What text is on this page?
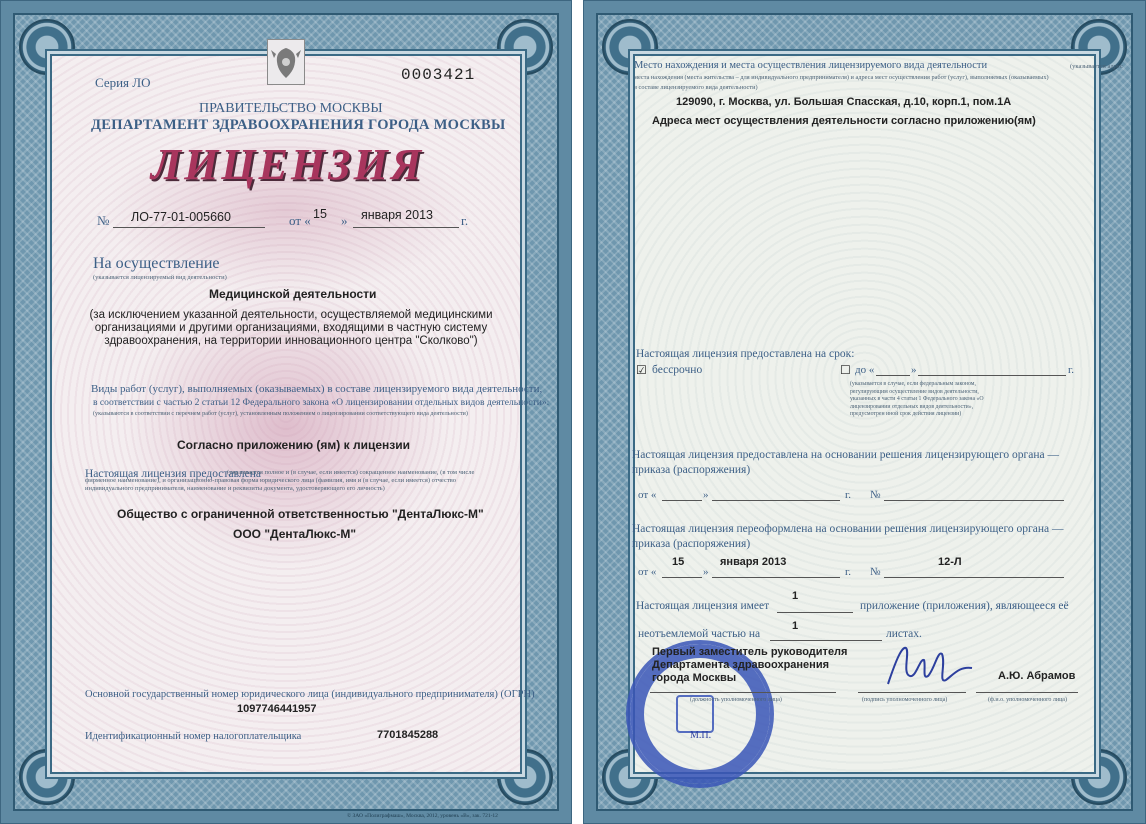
Серия ЛО	0003421
ПРАВИТЕЛЬСТВО МОСКВЫ
ДЕПАРТАМЕНТ ЗДРАВООХРАНЕНИЯ ГОРОДА МОСКВЫ
ЛИЦЕНЗИЯ
№ ЛО-77-01-005660	от « 15 » января 2013 г.
На осуществление
(указывается лицензируемый вид деятельности)
Медицинской деятельности
(за исключением указанной деятельности, осуществляемой медицинскими организациями и другими организациями, входящими в частную систему здравоохранения, на территории инновационного центра "Сколково")
Виды работ (услуг), выполняемых (оказываемых) в составе лицензируемого вида деятельности,
в соответствии с частью 2 статьи 12 Федерального закона «О лицензировании отдельных видов деятельности»:
(указываются в соответствии с перечнем работ (услуг), установленным положением о лицензировании соответствующего вида деятельности)
Согласно приложению (ям) к лицензии
Настоящая лицензия предоставлена
(указывается полное и (в случае, если имеется) сокращенное наименование, (в том числе фирменное наименование), и организационно-правовая форма юридического лица (фамилия, имя и (в случае, если имеется) отчество индивидуального предпринимателя, наименование и реквизиты документа, удостоверяющего его личность)
Общество с ограниченной ответственностью "ДентаЛюкс-М"
ООО "ДентаЛюкс-М"
Основной государственный номер юридического лица (индивидуального предпринимателя) (ОГРН)
1097746441957
Идентификационный номер налогоплательщика	7701845288
© ЗАО «Полиграфмаш», Москва, 2012, уровень «В», зак. 721-12
Место нахождения и места осуществления лицензируемого вида деятельности	(указывается адрес
места нахождения (места жительства – для индивидуального предпринимателя) и адреса мест осуществления работ (услуг), выполняемых (оказываемых)
в составе лицензируемого вида деятельности)
129090, г. Москва, ул. Большая Спасская, д.10, корп.1, пом.1А
Адреса мест осуществления деятельности согласно приложению(ям)
Настоящая лицензия предоставлена на срок:
☑ бессрочно	☐ до «	»	г.
(указывается в случае, если федеральным законом, регулирующим осуществление видов деятельности, указанных в части 4 статьи 1 Федерального закона «О лицензировании отдельных видов деятельности», предусмотрен иной срок действия лицензии)
Настоящая лицензия предоставлена на основании решения лицензирующего органа — приказа (распоряжения)
от «	»	г. №
Настоящая лицензия переоформлена на основании решения лицензирующего органа — приказа (распоряжения)
от «
15
»
января 2013
г. №
12-Л
1
Настоящая лицензия имеет	приложение (приложения), являющееся её
1
неотъемлемой частью на	листах.
Первый заместитель руководителя Департамента здравоохранения города Москвы
(должность уполномоченного лица)	(подпись уполномоченного лица)
А.Ю. Абрамов
(ф.и.о. уполномоченного лица)
М.П.
